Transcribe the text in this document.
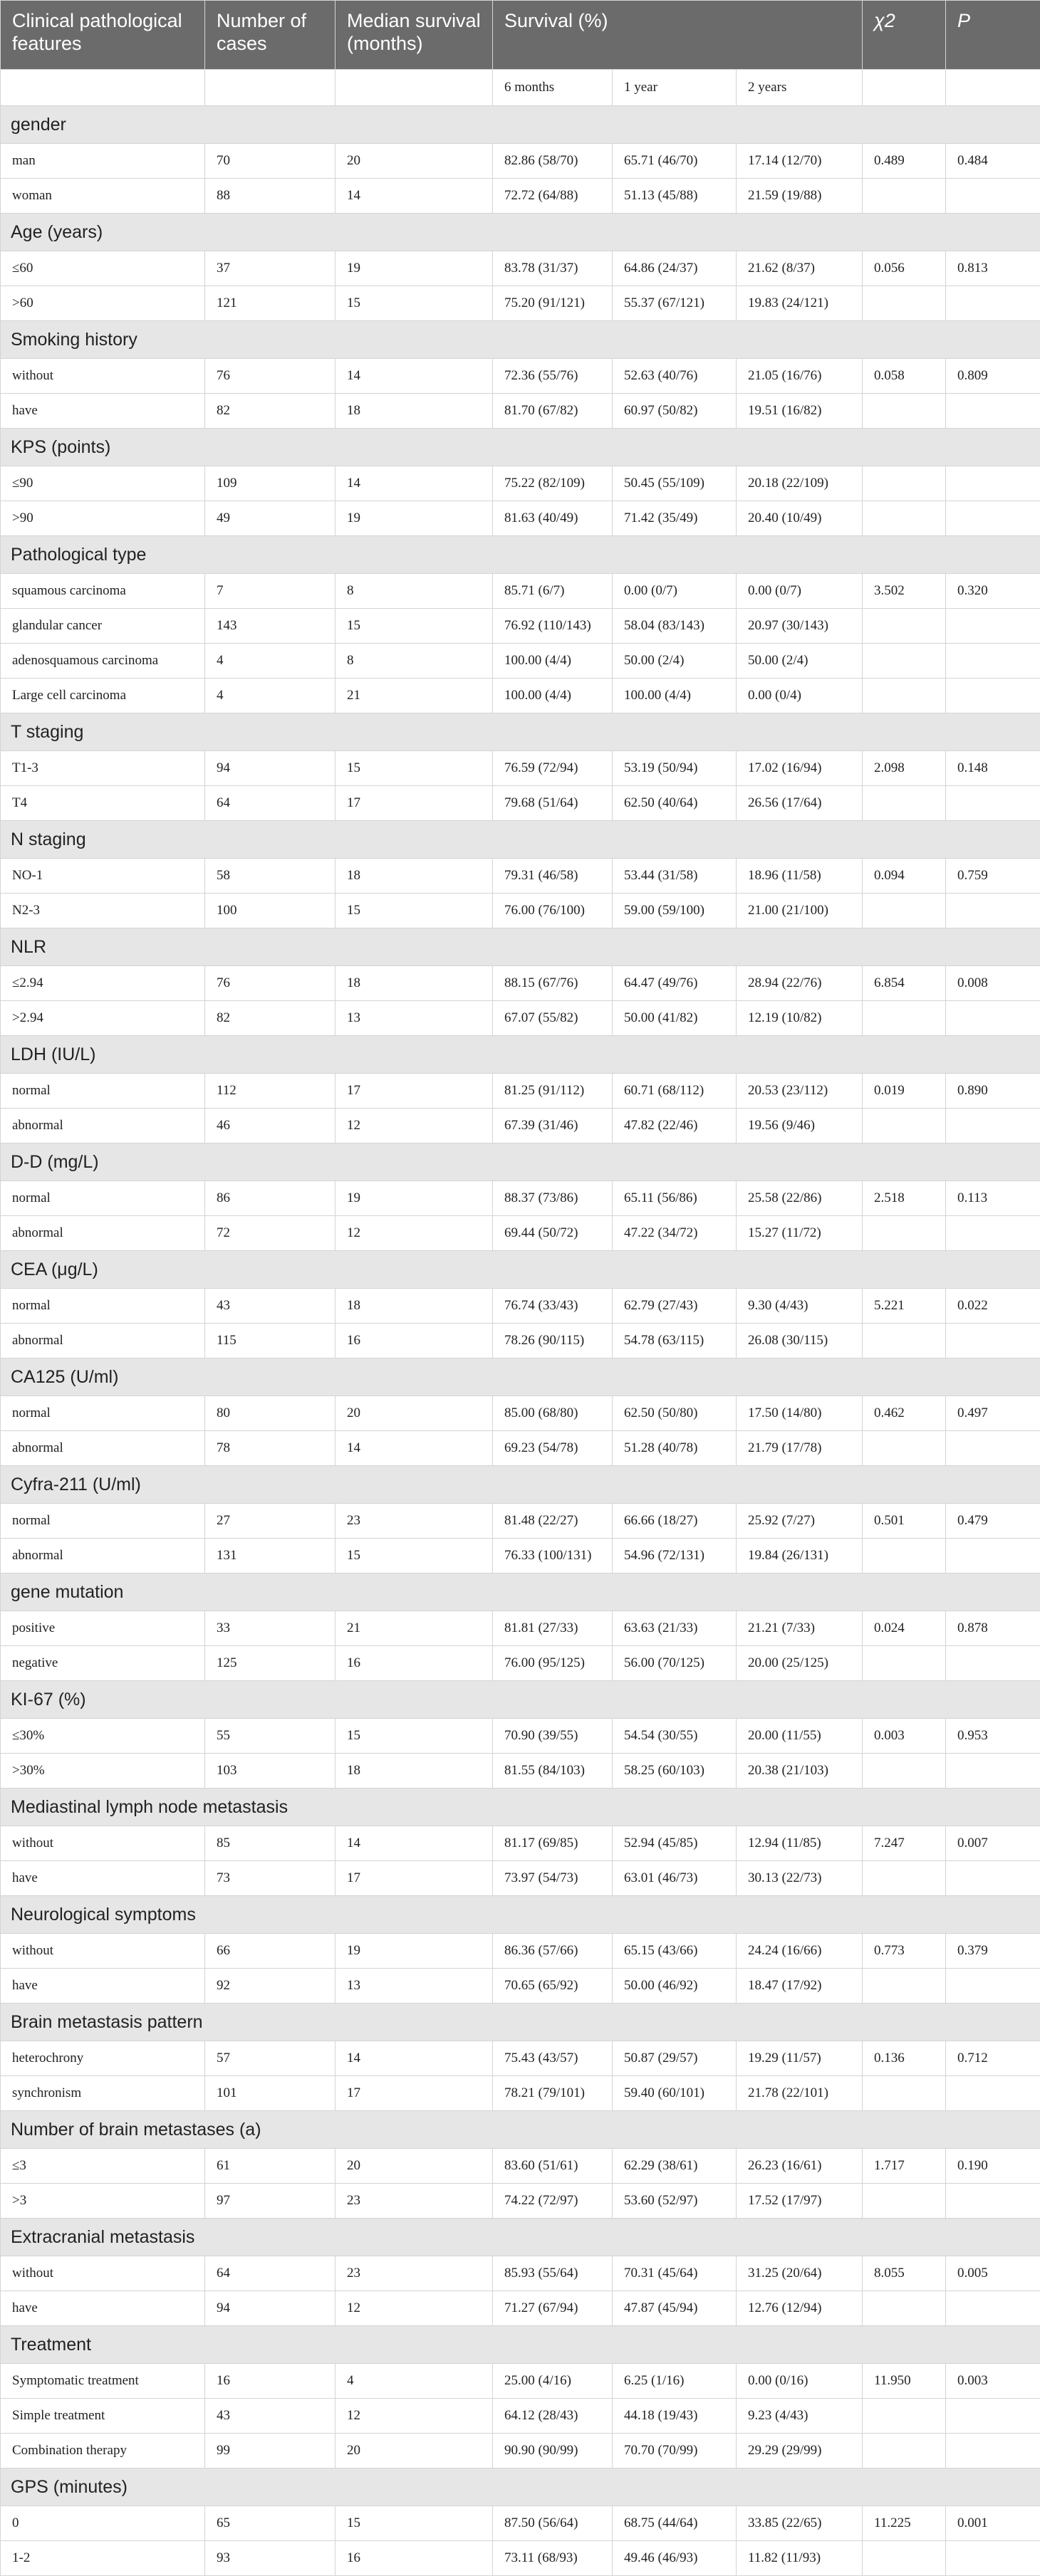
Clinical pathological features	Number of cases	Median survival (months)	Survival (%)			χ2	P
			6 months	1 year	2 years		
gender							
man	70	20	82.86 (58/70)	65.71 (46/70)	17.14 (12/70)	0.489	0.484
woman	88	14	72.72 (64/88)	51.13 (45/88)	21.59 (19/88)		
Age (years)							
≤60	37	19	83.78 (31/37)	64.86 (24/37)	21.62 (8/37)	0.056	0.813
>60	121	15	75.20 (91/121)	55.37 (67/121)	19.83 (24/121)		
Smoking history							
without	76	14	72.36 (55/76)	52.63 (40/76)	21.05 (16/76)	0.058	0.809
have	82	18	81.70 (67/82)	60.97 (50/82)	19.51 (16/82)		
KPS (points)							
≤90	109	14	75.22 (82/109)	50.45 (55/109)	20.18 (22/109)		
>90	49	19	81.63 (40/49)	71.42 (35/49)	20.40 (10/49)		
Pathological type							
squamous carcinoma	7	8	85.71 (6/7)	0.00 (0/7)	0.00 (0/7)	3.502	0.320
glandular cancer	143	15	76.92 (110/143)	58.04 (83/143)	20.97 (30/143)		
adenosquamous carcinoma	4	8	100.00 (4/4)	50.00 (2/4)	50.00 (2/4)		
Large cell carcinoma	4	21	100.00 (4/4)	100.00 (4/4)	0.00 (0/4)		
T staging							
T1-3	94	15	76.59 (72/94)	53.19 (50/94)	17.02 (16/94)	2.098	0.148
T4	64	17	79.68 (51/64)	62.50 (40/64)	26.56 (17/64)		
N staging							
NO-1	58	18	79.31 (46/58)	53.44 (31/58)	18.96 (11/58)	0.094	0.759
N2-3	100	15	76.00 (76/100)	59.00 (59/100)	21.00 (21/100)		
NLR							
≤2.94	76	18	88.15 (67/76)	64.47 (49/76)	28.94 (22/76)	6.854	0.008
>2.94	82	13	67.07 (55/82)	50.00 (41/82)	12.19 (10/82)		
LDH (IU/L)							
normal	112	17	81.25 (91/112)	60.71 (68/112)	20.53 (23/112)	0.019	0.890
abnormal	46	12	67.39 (31/46)	47.82 (22/46)	19.56 (9/46)		
D-D (mg/L)							
normal	86	19	88.37 (73/86)	65.11 (56/86)	25.58 (22/86)	2.518	0.113
abnormal	72	12	69.44 (50/72)	47.22 (34/72)	15.27 (11/72)		
CEA (μg/L)							
normal	43	18	76.74 (33/43)	62.79 (27/43)	9.30 (4/43)	5.221	0.022
abnormal	115	16	78.26 (90/115)	54.78 (63/115)	26.08 (30/115)		
CA125 (U/ml)							
normal	80	20	85.00 (68/80)	62.50 (50/80)	17.50 (14/80)	0.462	0.497
abnormal	78	14	69.23 (54/78)	51.28 (40/78)	21.79 (17/78)		
Cyfra-211 (U/ml)							
normal	27	23	81.48 (22/27)	66.66 (18/27)	25.92 (7/27)	0.501	0.479
abnormal	131	15	76.33 (100/131)	54.96 (72/131)	19.84 (26/131)		
gene mutation							
positive	33	21	81.81 (27/33)	63.63 (21/33)	21.21 (7/33)	0.024	0.878
negative	125	16	76.00 (95/125)	56.00 (70/125)	20.00 (25/125)		
KI-67 (%)							
≤30%	55	15	70.90 (39/55)	54.54 (30/55)	20.00 (11/55)	0.003	0.953
>30%	103	18	81.55 (84/103)	58.25 (60/103)	20.38 (21/103)		
Mediastinal lymph node metastasis							
without	85	14	81.17 (69/85)	52.94 (45/85)	12.94 (11/85)	7.247	0.007
have	73	17	73.97 (54/73)	63.01 (46/73)	30.13 (22/73)		
Neurological symptoms							
without	66	19	86.36 (57/66)	65.15 (43/66)	24.24 (16/66)	0.773	0.379
have	92	13	70.65 (65/92)	50.00 (46/92)	18.47 (17/92)		
Brain metastasis pattern							
heterochrony	57	14	75.43 (43/57)	50.87 (29/57)	19.29 (11/57)	0.136	0.712
synchronism	101	17	78.21 (79/101)	59.40 (60/101)	21.78 (22/101)		
Number of brain metastases (a)							
≤3	61	20	83.60 (51/61)	62.29 (38/61)	26.23 (16/61)	1.717	0.190
>3	97	23	74.22 (72/97)	53.60 (52/97)	17.52 (17/97)		
Extracranial metastasis							
without	64	23	85.93 (55/64)	70.31 (45/64)	31.25 (20/64)	8.055	0.005
have	94	12	71.27 (67/94)	47.87 (45/94)	12.76 (12/94)		
Treatment							
Symptomatic treatment	16	4	25.00 (4/16)	6.25 (1/16)	0.00 (0/16)	11.950	0.003
Simple treatment	43	12	64.12 (28/43)	44.18 (19/43)	9.23 (4/43)		
Combination therapy	99	20	90.90 (90/99)	70.70 (70/99)	29.29 (29/99)		
GPS (minutes)							
0	65	15	87.50 (56/64)	68.75 (44/64)	33.85 (22/65)	11.225	0.001
1-2	93	16	73.11 (68/93)	49.46 (46/93)	11.82 (11/93)		
